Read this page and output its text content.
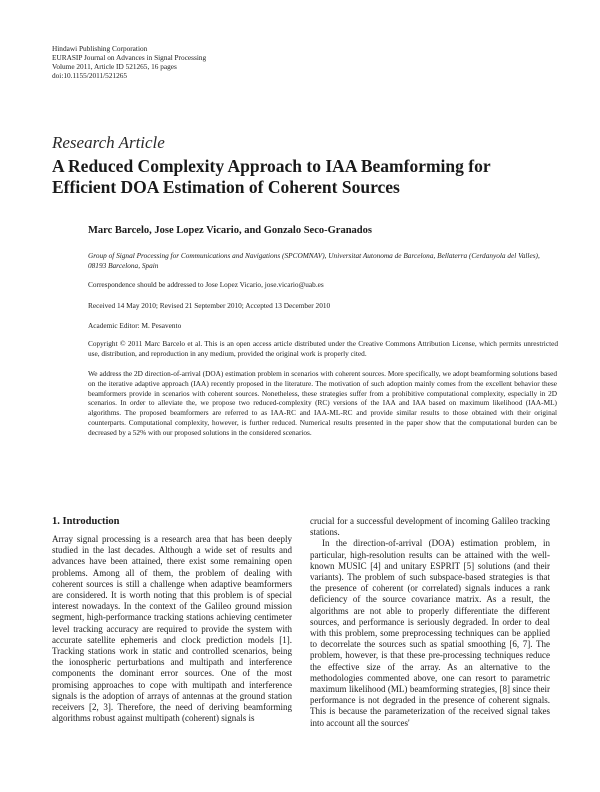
Hindawi Publishing Corporation
EURASIP Journal on Advances in Signal Processing
Volume 2011, Article ID 521265, 16 pages
doi:10.1155/2011/521265
Research Article
A Reduced Complexity Approach to IAA Beamforming for Efficient DOA Estimation of Coherent Sources
Marc Barcelo, Jose Lopez Vicario, and Gonzalo Seco-Granados
Group of Signal Processing for Communications and Navigations (SPCOMNAV), Universitat Autonoma de Barcelona, Bellaterra (Cerdanyola del Valles), 08193 Barcelona, Spain
Correspondence should be addressed to Jose Lopez Vicario, jose.vicario@uab.es
Received 14 May 2010; Revised 21 September 2010; Accepted 13 December 2010
Academic Editor: M. Pesavento
Copyright © 2011 Marc Barcelo et al. This is an open access article distributed under the Creative Commons Attribution License, which permits unrestricted use, distribution, and reproduction in any medium, provided the original work is properly cited.
We address the 2D direction-of-arrival (DOA) estimation problem in scenarios with coherent sources. More specifically, we adopt beamforming solutions based on the iterative adaptive approach (IAA) recently proposed in the literature. The motivation of such adoption mainly comes from the excellent behavior these beamformers provide in scenarios with coherent sources. Nonetheless, these strategies suffer from a prohibitive computational complexity, especially in 2D scenarios. In order to alleviate the, we propose two reduced-complexity (RC) versions of the IAA and IAA based on maximum likelihood (IAA-ML) algorithms. The proposed beamformers are referred to as IAA-RC and IAA-ML-RC and provide similar results to those obtained with their original counterparts. Computational complexity, however, is further reduced. Numerical results presented in the paper show that the computational burden can be decreased by a 52% with our proposed solutions in the considered scenarios.
1. Introduction

Array signal processing is a research area that has been deeply studied in the last decades. Although a wide set of results and advances have been attained, there exist some remaining open problems. Among all of them, the problem of dealing with coherent sources is still a challenge when adaptive beamformers are considered. It is worth noting that this problem is of special interest nowadays. In the context of the Galileo ground mission segment, high-performance tracking stations achieving centimeter level tracking accuracy are required to provide the system with accurate satellite ephemeris and clock prediction models [1]. Tracking stations work in static and controlled scenarios, being the ionospheric perturbations and multipath and interference components the dominant error sources. One of the most promising approaches to cope with multipath and interference signals is the adoption of arrays of antennas at the ground station receivers [2, 3]. Therefore, the need of deriving beamforming algorithms robust against multipath (coherent) signals is

crucial for a successful development of incoming Galileo tracking stations.

In the direction-of-arrival (DOA) estimation problem, in particular, high-resolution results can be attained with the well-known MUSIC [4] and unitary ESPRIT [5] solutions (and their variants). The problem of such subspace-based strategies is that the presence of coherent (or correlated) signals induces a rank deficiency of the source covariance matrix. As a result, the algorithms are not able to properly differentiate the different sources, and performance is seriously degraded. In order to deal with this problem, some preprocessing techniques can be applied to decorrelate the sources such as spatial smoothing [6, 7]. The problem, however, is that these pre-processing techniques reduce the effective size of the array. As an alternative to the methodologies commented above, one can resort to parametric maximum likelihood (ML) beamforming strategies, [8] since their performance is not degraded in the presence of coherent signals. This is because the parameterization of the received signal takes into account all the sources'
